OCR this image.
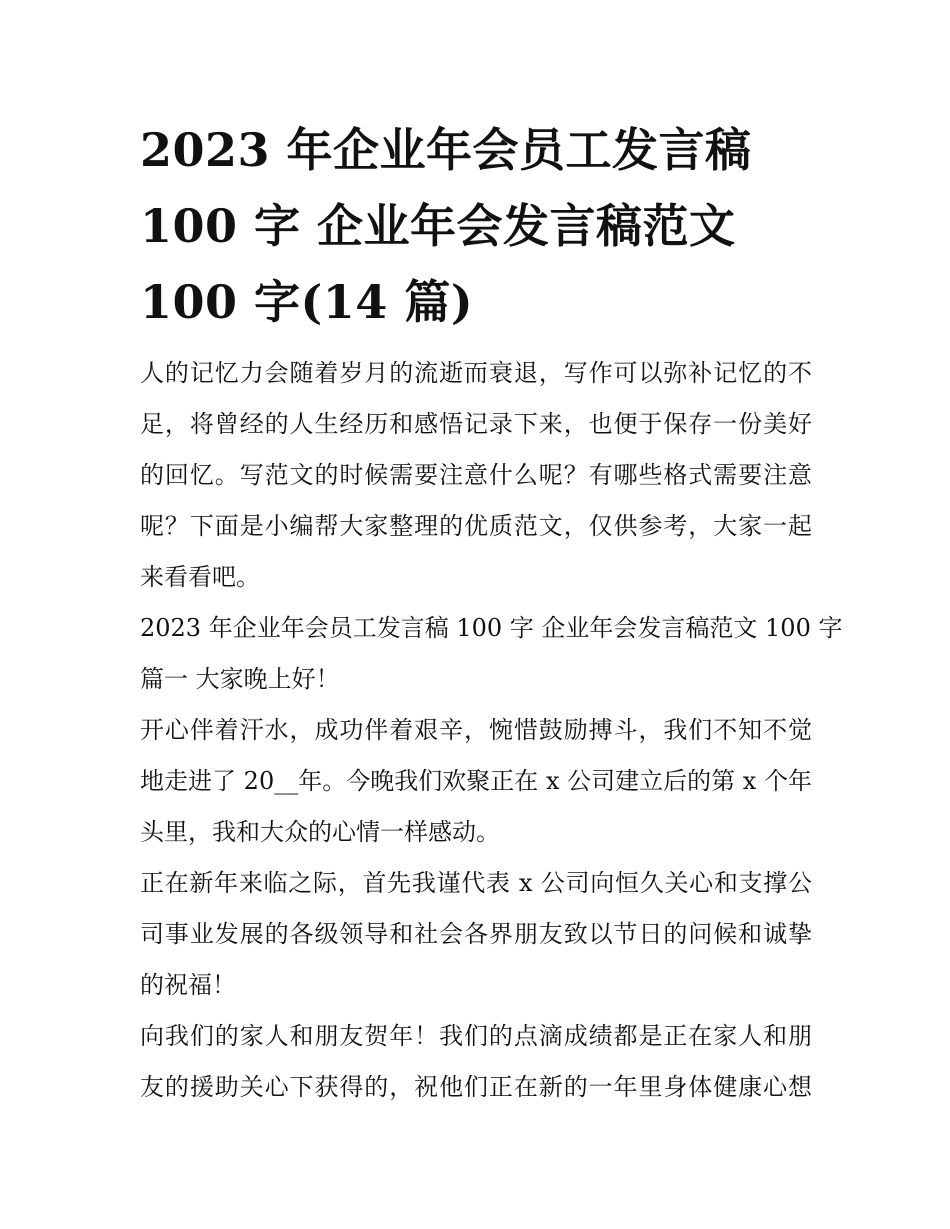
2023 年企业年会员工发言稿
100 字 企业年会发言稿范文
100 字(14 篇)

人的记忆力会随着岁月的流逝而衰退，写作可以弥补记忆的不
足，将曾经的人生经历和感悟记录下来，也便于保存一份美好
的回忆。写范文的时候需要注意什么呢？有哪些格式需要注意
呢？下面是小编帮大家整理的优质范文，仅供参考，大家一起
来看看吧。

2023 年企业年会员工发言稿 100 字 企业年会发言稿范文 100 字
篇一 大家晚上好！

开心伴着汗水，成功伴着艰辛，惋惜鼓励搏斗，我们不知不觉
地走进了 20__年。今晚我们欢聚正在 x 公司建立后的第 x 个年
头里，我和大众的心情一样感动。

正在新年来临之际，首先我谨代表 x 公司向恒久关心和支撑公
司事业发展的各级领导和社会各界朋友致以节日的问候和诚挚
的祝福！

向我们的家人和朋友贺年！我们的点滴成绩都是正在家人和朋
友的援助关心下获得的，祝他们正在新的一年里身体健康心想
